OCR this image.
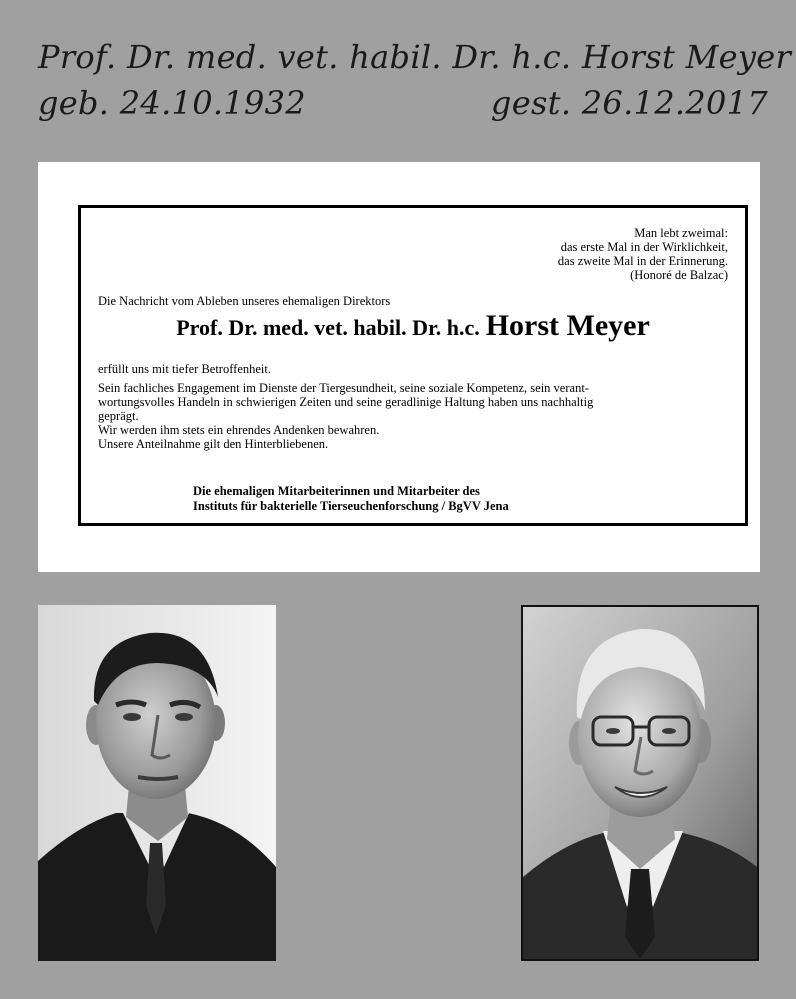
Prof. Dr. med. vet. habil. Dr. h.c. Horst Meyer
geb. 24.10.1932	gest. 26.12.2017
Man lebt zweimal:
das erste Mal in der Wirklichkeit,
das zweite Mal in der Erinnerung.
(Honoré de Balzac)
Die Nachricht vom Ableben unseres ehemaligen Direktors
Prof. Dr. med. vet. habil. Dr. h.c. Horst Meyer

erfüllt uns mit tiefer Betroffenheit.

Sein fachliches Engagement im Dienste der Tiergesundheit, seine soziale Kompetenz, sein verant-

wortungsvolles Handeln in schwierigen Zeiten und seine geradlinige Haltung haben uns nachhaltig

geprägt.

Wir werden ihm stets ein ehrendes Andenken bewahren.

Unsere Anteilnahme gilt den Hinterbliebenen.

Die ehemaligen Mitarbeiterinnen und Mitarbeiter des
Instituts für bakterielle Tierseuchenforschung / BgVV Jena
